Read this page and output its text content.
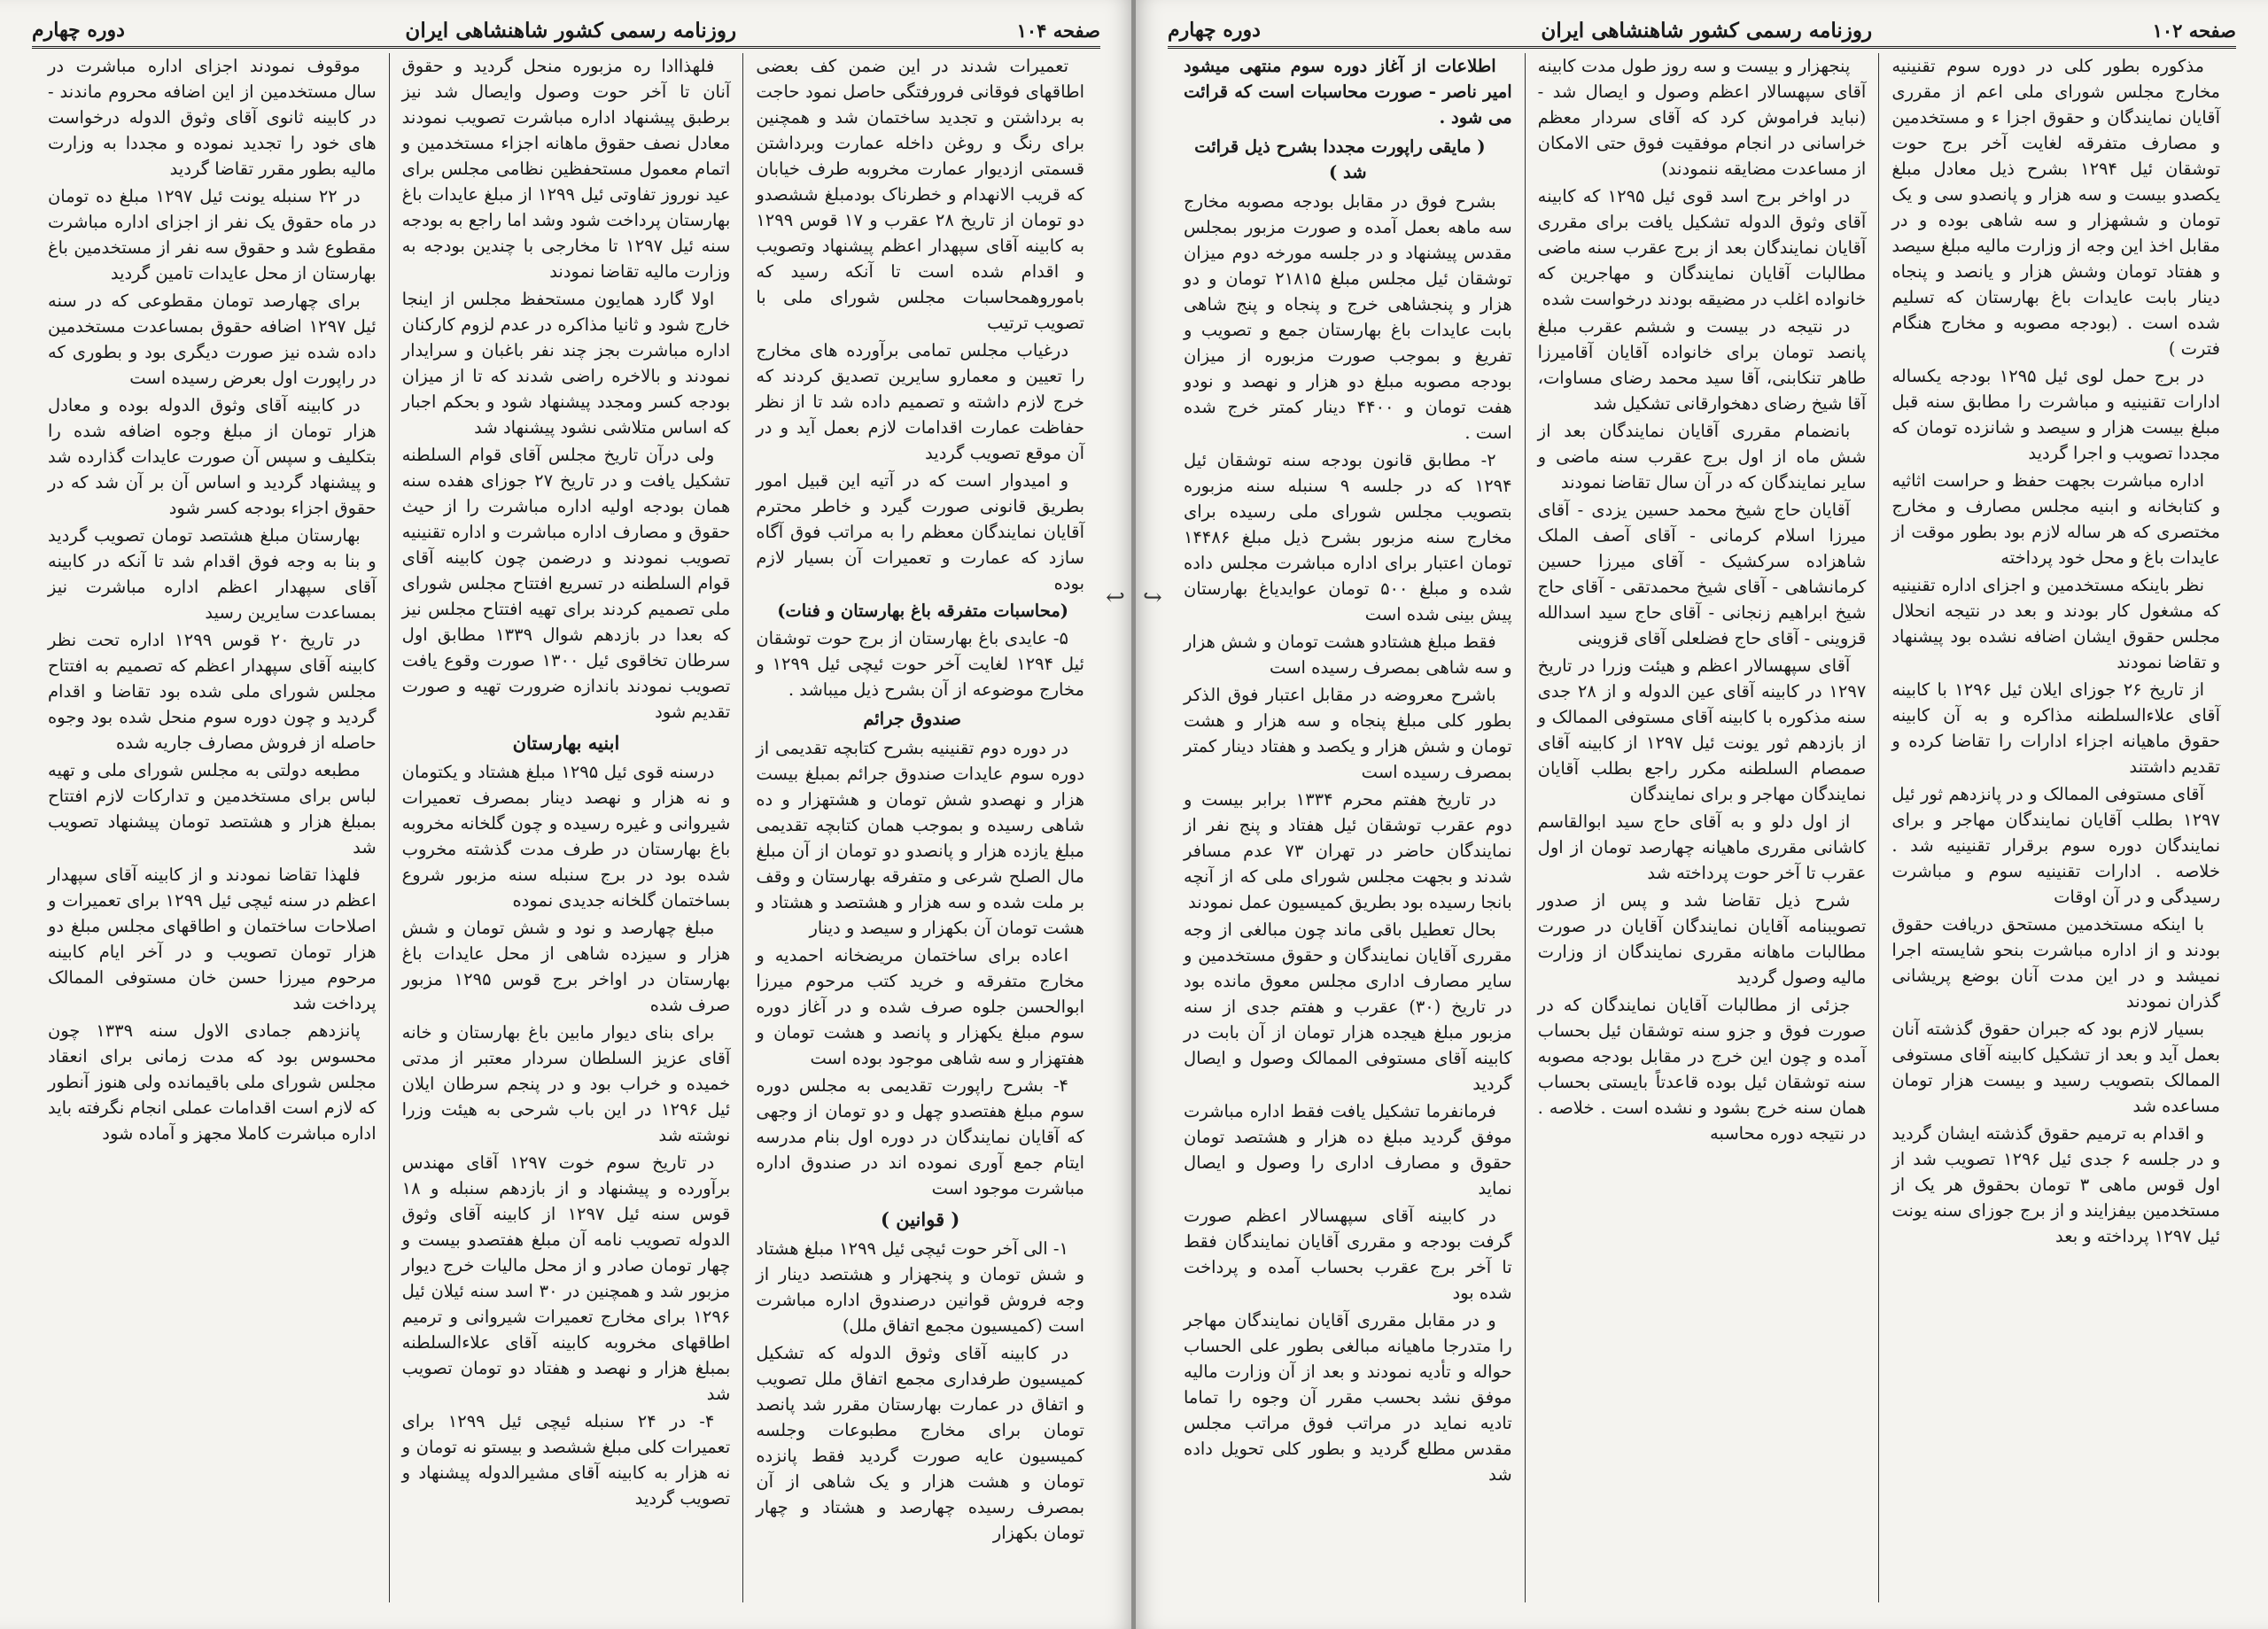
صفحه ۱۰۴
روزنامه رسمی کشور شاهنشاهی ایران
دوره چهارم

تعمیرات شدند در این ضمن کف بعضی اطاقهای فوقانی فرورفتگی حاصل نمود حاجت به برداشتن و تجدید ساختمان شد و همچنین برای رنگ و روغن داخله عمارت وبرداشتن قسمتی ازدیوار عمارت مخروبه طرف خیابان که قریب الانهدام و خطرناک بودمبلغ ششصدو دو تومان از تاریخ ۲۸ عقرب و ۱۷ قوس ۱۲۹۹ به کابینه آقای سپهدار اعظم پیشنهاد وتصویب و اقدام شده است تا آنکه رسید که باموروهمحاسبات مجلس شورای ملی با تصویب ترتیب

درغیاب مجلس تمامی برآورده های مخارج را تعیین و معمارو سایرین تصدیق کردند که خرج لازم داشته و تصمیم داده شد تا از نظر حفاظت عمارت اقدامات لازم بعمل آید و در آن موقع تصویب گردید

و امیدوار است که در آتیه این قبیل امور بطریق قانونی صورت گیرد و خاطر محترم آقایان نمایندگان معظم را به مراتب فوق آگاه سازد که عمارت و تعمیرات آن بسیار لازم بوده

(محاسبات متفرقه باغ بهارستان و فنات)

۵- عایدی باغ بهارستان از برج حوت توشقان ئیل ۱۲۹۴ لغایت آخر حوت ئیچی ئیل ۱۲۹۹ و مخارج موضوعه از آن بشرح ذیل میباشد .

صندوق جرائم

در دوره دوم تقنینیه بشرح کتابچه تقدیمی از دوره سوم عایدات صندوق جرائم بمبلغ بیست هزار و نهصدو شش تومان و هشتهزار و ده شاهی رسیده و بموجب همان کتابچه تقدیمی مبلغ یازده هزار و پانصدو دو تومان از آن مبلغ مال الصلح شرعی و متفرقه بهارستان و وقف بر ملت شده و سه هزار و هشتصد و هشتاد و هشت تومان آن بکهزار و سیصد و دینار

اعاده برای ساختمان مریضخانه احمدیه و مخارج متفرقه و خرید کتب مرحوم میرزا ابوالحسن جلوه صرف شده و در آغاز دوره سوم مبلغ یکهزار و پانصد و هشت تومان و هفتهزار و سه شاهی موجود بوده است

۴- بشرح راپورت تقدیمی به مجلس دوره سوم مبلغ هفتصدو چهل و دو تومان از وجهی که آقایان نمایندگان در دوره اول بنام مدرسه ایتام جمع آوری نموده اند در صندوق اداره مباشرت موجود است

( قوانین )

۱- الی آخر حوت ئیچی ئیل ۱۲۹۹ مبلغ هشتاد و شش تومان و پنجهزار و هشتصد دینار از وجه فروش قوانین درصندوق اداره مباشرت است (کمیسیون مجمع اتفاق ملل)

در کابینه آقای وثوق الدوله که تشکیل کمیسیون طرفداری مجمع اتفاق ملل تصویب و اتفاق در عمارت بهارستان مقرر شد پانصد تومان برای مخارج مطبوعات وجلسه کمیسیون عایه صورت گردید فقط پانزده تومان و هشت هزار و یک شاهی از آن بمصرف رسیده چهارصد و هشتاد و چهار تومان بکهزار

فلهذاادا ره مزبوره منحل گردید و حقوق آنان تا آخر حوت وصول وایصال شد نیز برطبق پیشنهاد اداره مباشرت تصویب نمودند معادل نصف حقوق ماهانه اجزاء مستخدمین و اتمام معمول مستحفظین نظامی مجلس برای عید نوروز تفاوتی ئیل ۱۲۹۹ از مبلغ عایدات باغ بهارستان پرداخت شود وشد اما راجع به بودجه سنه ئیل ۱۲۹۷ تا مخارجی با چندین بودجه به وزارت مالیه تقاضا نمودند

اولا گارد همایون مستحفظ مجلس از اینجا خارج شود و ثانیا مذاکره در عدم لزوم کارکنان اداره مباشرت بجز چند نفر باغبان و سرایدار نمودند و بالاخره راضی شدند که تا از میزان بودجه کسر ومجدد پیشنهاد شود و بحکم اجبار که اساس متلاشی نشود پیشنهاد شد

ولی درآن تاریخ مجلس آقای قوام السلطنه تشکیل یافت و در تاریخ ۲۷ جوزای هفده سنه همان بودجه اولیه اداره مباشرت را از حیث حقوق و مصارف اداره مباشرت و اداره تقنینیه تصویب نمودند و درضمن چون کابینه آقای قوام السلطنه در تسریع افتتاح مجلس شورای ملی تصمیم کردند برای تهیه افتتاح مجلس نیز که بعدا در بازدهم شوال ۱۳۳۹ مطابق اول سرطان تخاقوی ئیل ۱۳۰۰ صورت وقوع یافت تصویب نمودند باندازه ضرورت تهیه و صورت تقدیم شود

ابنیه بهارستان

درسنه قوی ئیل ۱۲۹۵ مبلغ هشتاد و یکتومان و نه هزار و نهصد دینار بمصرف تعمیرات شیروانی و غیره رسیده و چون گلخانه مخروبه باغ بهارستان در طرف مدت گذشته مخروب شده بود در برج سنبله سنه مزبور شروع بساختمان گلخانه جدیدی نموده

مبلغ چهارصد و نود و شش تومان و شش هزار و سیزده شاهی از محل عایدات باغ بهارستان در اواخر برج قوس ۱۲۹۵ مزبور صرف شده

برای بنای دیوار مابین باغ بهارستان و خانه آقای عزیز السلطان سردار معتبر از مدتی خمیده و خراب بود و در پنجم سرطان ایلان ئیل ۱۲۹۶ در این باب شرحی به هیئت وزرا نوشته شد

در تاریخ سوم خوت ۱۲۹۷ آقای مهندس برآورده و پیشنهاد و از بازدهم سنبله و ۱۸ قوس سنه ئیل ۱۲۹۷ از کابینه آقای وثوق الدوله تصویب نامه آن مبلغ هفتصدو بیست و چهار تومان صادر و از محل مالیات خرج دیوار مزبور شد و همچنین در ۳۰ اسد سنه ئیلان ئیل ۱۲۹۶ برای مخارج تعمیرات شیروانی و ترمیم اطاقهای مخروبه کابینه آقای علاءالسلطنه بمبلغ هزار و نهصد و هفتاد دو تومان تصویب شد

۴- در ۲۴ سنبله ئیچی ئیل ۱۲۹۹ برای تعمیرات کلی مبلغ ششصد و بیستو نه تومان و نه هزار به کابینه آقای مشیرالدوله پیشنهاد و تصویب گردید

موقوف نمودند اجزای اداره مباشرت در سال مستخدمین از این اضافه محروم ماندند - در کابینه ثانوی آقای وثوق الدوله درخواست های خود را تجدید نموده و مجددا به وزارت مالیه بطور مقرر تقاضا گردید

در ۲۲ سنبله یونت ئیل ۱۲۹۷ مبلغ ده تومان در ماه حقوق یک نفر از اجزای اداره مباشرت مقطوع شد و حقوق سه نفر از مستخدمین باغ بهارستان از محل عایدات تامین گردید

برای چهارصد تومان مقطوعی که در سنه ئیل ۱۲۹۷ اضافه حقوق بمساعدت مستخدمین داده شده نیز صورت دیگری بود و بطوری که در راپورت اول بعرض رسیده است

در کابینه آقای وثوق الدوله بوده و معادل هزار تومان از مبلغ وجوه اضافه شده را بتکلیف و سپس آن صورت عایدات گذارده شد و پیشنهاد گردید و اساس آن بر آن شد که در حقوق اجزاء بودجه کسر شود

بهارستان مبلغ هشتصد تومان تصویب گردید و بنا به وجه فوق اقدام شد تا آنکه در کابینه آقای سپهدار اعظم اداره مباشرت نیز بمساعدت سایرین رسید

در تاریخ ۲۰ قوس ۱۲۹۹ اداره تحت نظر کابینه آقای سپهدار اعظم که تصمیم به افتتاح مجلس شورای ملی شده بود تقاضا و اقدام گردید و چون دوره سوم منحل شده بود وجوه حاصله از فروش مصارف جاریه شده

مطبعه دولتی به مجلس شورای ملی و تهیه لباس برای مستخدمین و تدارکات لازم افتتاح بمبلغ هزار و هشتصد تومان پیشنهاد تصویب شد

فلهذا تقاضا نمودند و از کابینه آقای سپهدار اعظم در سنه ئیچی ئیل ۱۲۹۹ برای تعمیرات و اصلاحات ساختمان و اطاقهای مجلس مبلغ دو هزار تومان تصویب و در آخر ایام کابینه مرحوم میرزا حسن خان مستوفی الممالک پرداخت شد

پانزدهم جمادی الاول سنه ۱۳۳۹ چون محسوس بود که مدت زمانی برای انعقاد مجلس شورای ملی باقیمانده ولی هنوز آنطور که لازم است اقدامات عملی انجام نگرفته باید اداره مباشرت کاملا مجهز و آماده شود

↩
صفحه ۱۰۲
روزنامه رسمی کشور شاهنشاهی ایران
دوره چهارم

مذکوره بطور کلی در دوره سوم تقنینیه مخارج مجلس شورای ملی اعم از مقرری آقایان نمایندگان و حقوق اجزا ء و مستخدمین و مصارف متفرقه لغایت آخر برج حوت توشقان ئیل ۱۲۹۴ بشرح ذیل معادل مبلغ یکصدو بیست و سه هزار و پانصدو سی و یک تومان و ششهزار و سه شاهی بوده و در مقابل اخذ این وجه از وزارت مالیه مبلغ سیصد و هفتاد تومان وشش هزار و یانصد و پنجاه دینار بابت عایدات باغ بهارستان که تسلیم شده است . (بودجه مصوبه و مخارج هنگام فترت )

در برج حمل لوی ئیل ۱۲۹۵ بودجه یکساله ادارات تقنینیه و مباشرت را مطابق سنه قبل مبلغ بیست هزار و سیصد و شانزده تومان که مجددا تصویب و اجرا گردید

اداره مباشرت بجهت حفظ و حراست اثاثیه و کتابخانه و ابنیه مجلس مصارف و مخارج مختصری که هر ساله لازم بود بطور موقت از عایدات باغ و محل خود پرداخته

نظر باینکه مستخدمین و اجزای اداره تقنینیه که مشغول کار بودند و بعد در نتیجه انحلال مجلس حقوق ایشان اضافه نشده بود پیشنهاد و تقاضا نمودند

از تاریخ ۲۶ جوزای ایلان ئیل ۱۲۹۶ با کابینه آقای علاءالسلطنه مذاکره و به آن کابینه حقوق ماهیانه اجزاء ادارات را تقاضا کرده و تقدیم داشتند

آقای مستوفی الممالک و در پانزدهم ثور ئیل ۱۲۹۷ بطلب آقایان نمایندگان مهاجر و برای نمایندگان دوره سوم برقرار تقنینیه شد . خلاصه . ادارات تقنینیه سوم و مباشرت رسیدگی و در آن اوقات

با اینکه مستخدمین مستحق دریافت حقوق بودند و از اداره مباشرت بنحو شایسته اجرا نمیشد و در این مدت آنان بوضع پریشانی گذران نمودند

بسیار لازم بود که جبران حقوق گذشته آنان بعمل آید و بعد از تشکیل کابینه آقای مستوفی الممالک بتصویب رسید و بیست هزار تومان مساعده شد

و اقدام به ترمیم حقوق گذشته ایشان گردید و در جلسه ۶ جدی ئیل ۱۲۹۶ تصویب شد از اول قوس ماهی ۳ تومان بحقوق هر یک از مستخدمین بیفزایند و از برج جوزای سنه یونت ئیل ۱۲۹۷ پرداخته و بعد

پنجهزار و بیست و سه روز طول مدت کابینه آقای سپهسالار اعظم وصول و ایصال شد - (نباید فراموش کرد که آقای سردار معظم خراسانی در انجام موفقیت فوق حتی الامکان از مساعدت مضایقه ننمودند)

در اواخر برج اسد قوی ئیل ۱۲۹۵ که کابینه آقای وثوق الدوله تشکیل یافت برای مقرری آقایان نمایندگان بعد از برج عقرب سنه ماضی مطالبات آقایان نمایندگان و مهاجرین که خانواده اغلب در مضیقه بودند درخواست شده

در نتیجه در بیست و ششم عقرب مبلغ پانصد تومان برای خانواده آقایان آقامیرزا طاهر تنکابنی، آقا سید محمد رضای مساوات، آقا شیخ رضای دهخوارقانی تشکیل شد

بانضمام مقرری آقایان نمایندگان بعد از شش ماه از اول برج عقرب سنه ماضی و سایر نمایندگان که در آن سال تقاضا نمودند

آقایان حاج شیخ محمد حسین یزدی - آقای میرزا اسلام کرمانی - آقای آصف الملک شاهزاده سرکشیک - آقای میرزا حسین کرمانشاهی - آقای شیخ محمدتقی - آقای حاج شیخ ابراهیم زنجانی - آقای حاج سید اسدالله قزوینی - آقای حاج فضلعلی آقای قزوینی

آقای سپهسالار اعظم و هیئت وزرا در تاریخ ۱۲۹۷ در کابینه آقای عین الدوله و از ۲۸ جدی سنه مذکوره با کابینه آقای مستوفی الممالک و از بازدهم ثور یونت ئیل ۱۲۹۷ از کابینه آقای صمصام السلطنه مکرر راجع بطلب آقایان نمایندگان مهاجر و برای نمایندگان

از اول دلو و به آقای حاج سید ابوالقاسم کاشانی مقرری ماهیانه چهارصد تومان از اول عقرب تا آخر حوت پرداخته شد

شرح ذیل تقاضا شد و پس از صدور تصویبنامه آقایان نمایندگان آقایان در صورت مطالبات ماهانه مقرری نمایندگان از وزارت مالیه وصول گردید

جزئی از مطالبات آقایان نمایندگان که در صورت فوق و جزو سنه توشقان ئیل بحساب آمده و چون این خرج در مقابل بودجه مصوبه سنه توشقان ئیل بوده قاعدتاً بایستی بحساب همان سنه خرج بشود و نشده است . خلاصه . در نتیجه دوره محاسبه

اطلاعات از آغاز دوره سوم منتهی میشود امیر ناصر - صورت محاسبات است که قرائت می شود .

( مایقی راپورت مجددا بشرح ذیل قرائت شد )

بشرح فوق در مقابل بودجه مصوبه مخارج سه ماهه بعمل آمده و صورت مزبور بمجلس مقدس پیشنهاد و در جلسه مورخه دوم میزان توشقان ئیل مجلس مبلغ ۲۱۸۱۵ تومان و دو هزار و پنجشاهی خرج و پنجاه و پنج شاهی بابت عایدات باغ بهارستان جمع و تصویب و تفریغ و بموجب صورت مزبوره از میزان بودجه مصوبه مبلغ دو هزار و نهصد و نودو هفت تومان و ۴۴۰۰ دینار کمتر خرج شده است .

۲- مطابق قانون بودجه سنه توشقان ئیل ۱۲۹۴ که در جلسه ۹ سنبله سنه مزبوره بتصویب مجلس شورای ملی رسیده برای مخارج سنه مزبور بشرح ذیل مبلغ ۱۴۴۸۶ تومان اعتبار برای اداره مباشرت مجلس داده شده و مبلغ ۵۰۰ تومان عوایدیاغ بهارستان پیش بینی شده است

فقط مبلغ هشتادو هشت تومان و شش هزار و سه شاهی بمصرف رسیده است

باشرح معروضه در مقابل اعتبار فوق الذکر بطور کلی مبلغ پنجاه و سه هزار و هشت تومان و شش هزار و یکصد و هفتاد دینار کمتر بمصرف رسیده است

در تاریخ هفتم محرم ۱۳۳۴ برابر بیست و دوم عقرب توشقان ئیل هفتاد و پنج نفر از نمایندگان حاضر در تهران ۷۳ عدم مسافر شدند و بجهت مجلس شورای ملی که از آنچه بانجا رسیده بود بطریق کمیسیون عمل نمودند

بحال تعطیل باقی ماند چون مبالغی از وجه مقرری آقایان نمایندگان و حقوق مستخدمین و سایر مصارف اداری مجلس معوق مانده بود در تاریخ (۳۰) عقرب و هفتم جدی از سنه مزبور مبلغ هیجده هزار تومان از آن بابت در کابینه آقای مستوفی الممالک وصول و ایصال گردید

فرمانفرما تشکیل یافت فقط اداره مباشرت موفق گردید مبلغ ده هزار و هشتصد تومان حقوق و مصارف اداری را وصول و ایصال نماید

در کابینه آقای سپهسالار اعظم صورت گرفت بودجه و مقرری آقایان نمایندگان فقط تا آخر برج عقرب بحساب آمده و پرداخت شده بود

و در مقابل مقرری آقایان نمایندگان مهاجر را متدرجا ماهیانه مبالغی بطور علی الحساب حواله و تأدیه نمودند و بعد از آن وزارت مالیه موفق نشد بحسب مقرر آن وجوه را تماما تادیه نماید در مراتب فوق مراتب مجلس مقدس مطلع گردید و بطور کلی تحویل داده شد

↪
